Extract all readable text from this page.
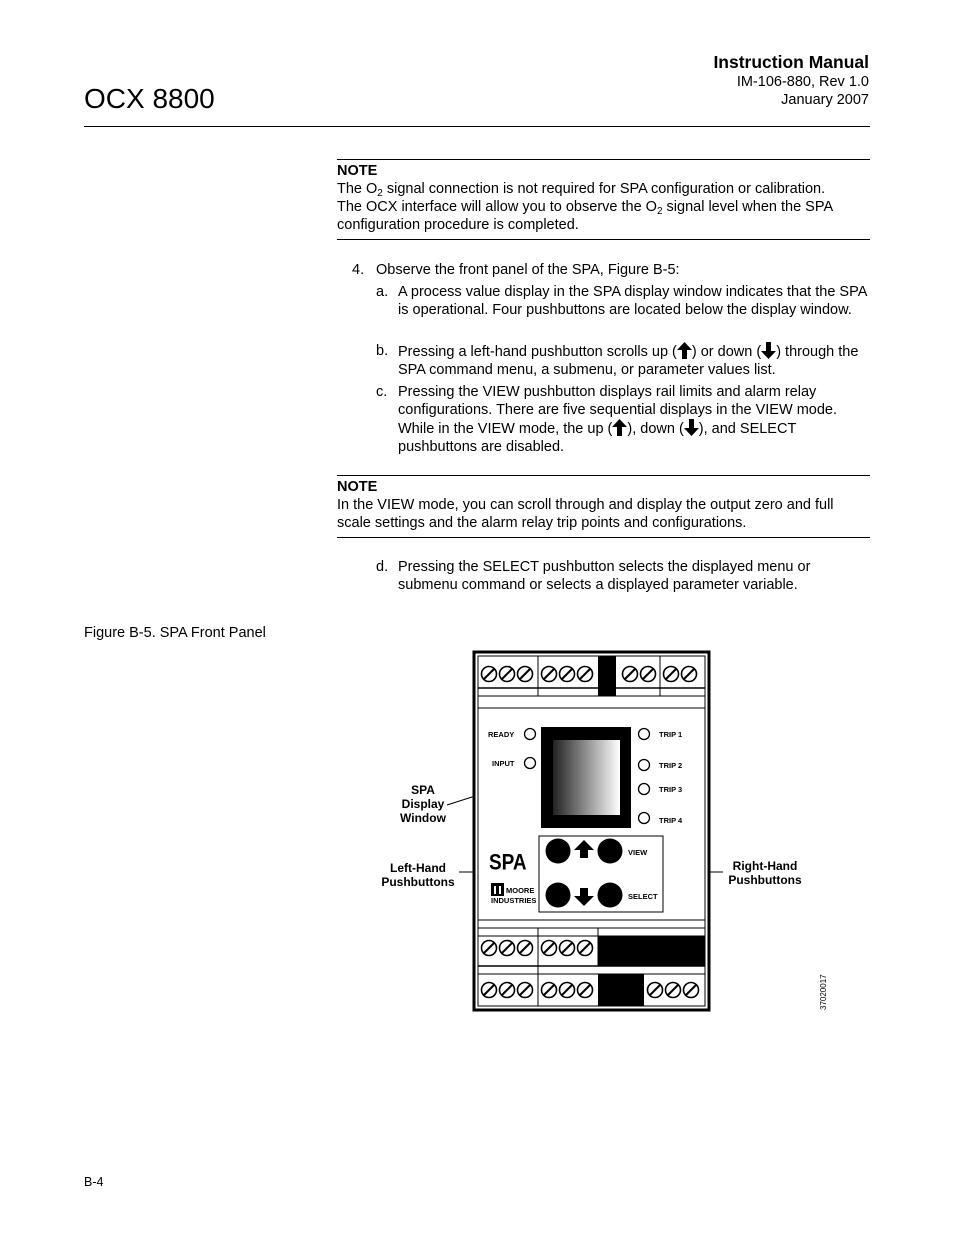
OCX 8800
Instruction Manual
IM-106-880, Rev 1.0
January 2007
NOTE
The $O_2$ signal connection is not required for SPA configuration or calibration.
The OCX interface will allow you to observe the $O_2$ signal level when the SPA
configuration procedure is completed.
4. Observe the front panel of the SPA, Figure B-5:
a. A process value display in the SPA display window indicates that the SPA is operational. Four pushbuttons are located below the display window.
b. Pressing a left-hand pushbutton scrolls up ( ) or down ( ) through the SPA command menu, a submenu, or parameter values list.
c. Pressing the VIEW pushbutton displays rail limits and alarm relay configurations. There are five sequential displays in the VIEW mode. While in the VIEW mode, the up ( ), down ( ), and SELECT pushbuttons are disabled.
NOTE
In the VIEW mode, you can scroll through and display the output zero and full scale settings and the alarm relay trip points and configurations.
d. Pressing the SELECT pushbutton selects the displayed menu or submenu command or selects a displayed parameter variable.
Figure B-5. SPA Front Panel
SPA
Display
Window
Left-Hand
Pushbuttons
Right-Hand
Pushbuttons
READY
INPUT
TRIP 1
TRIP 2
TRIP 3
TRIP 4
VIEW
SELECT
SPA
MOORE
INDUSTRIES
37020017
B-4
